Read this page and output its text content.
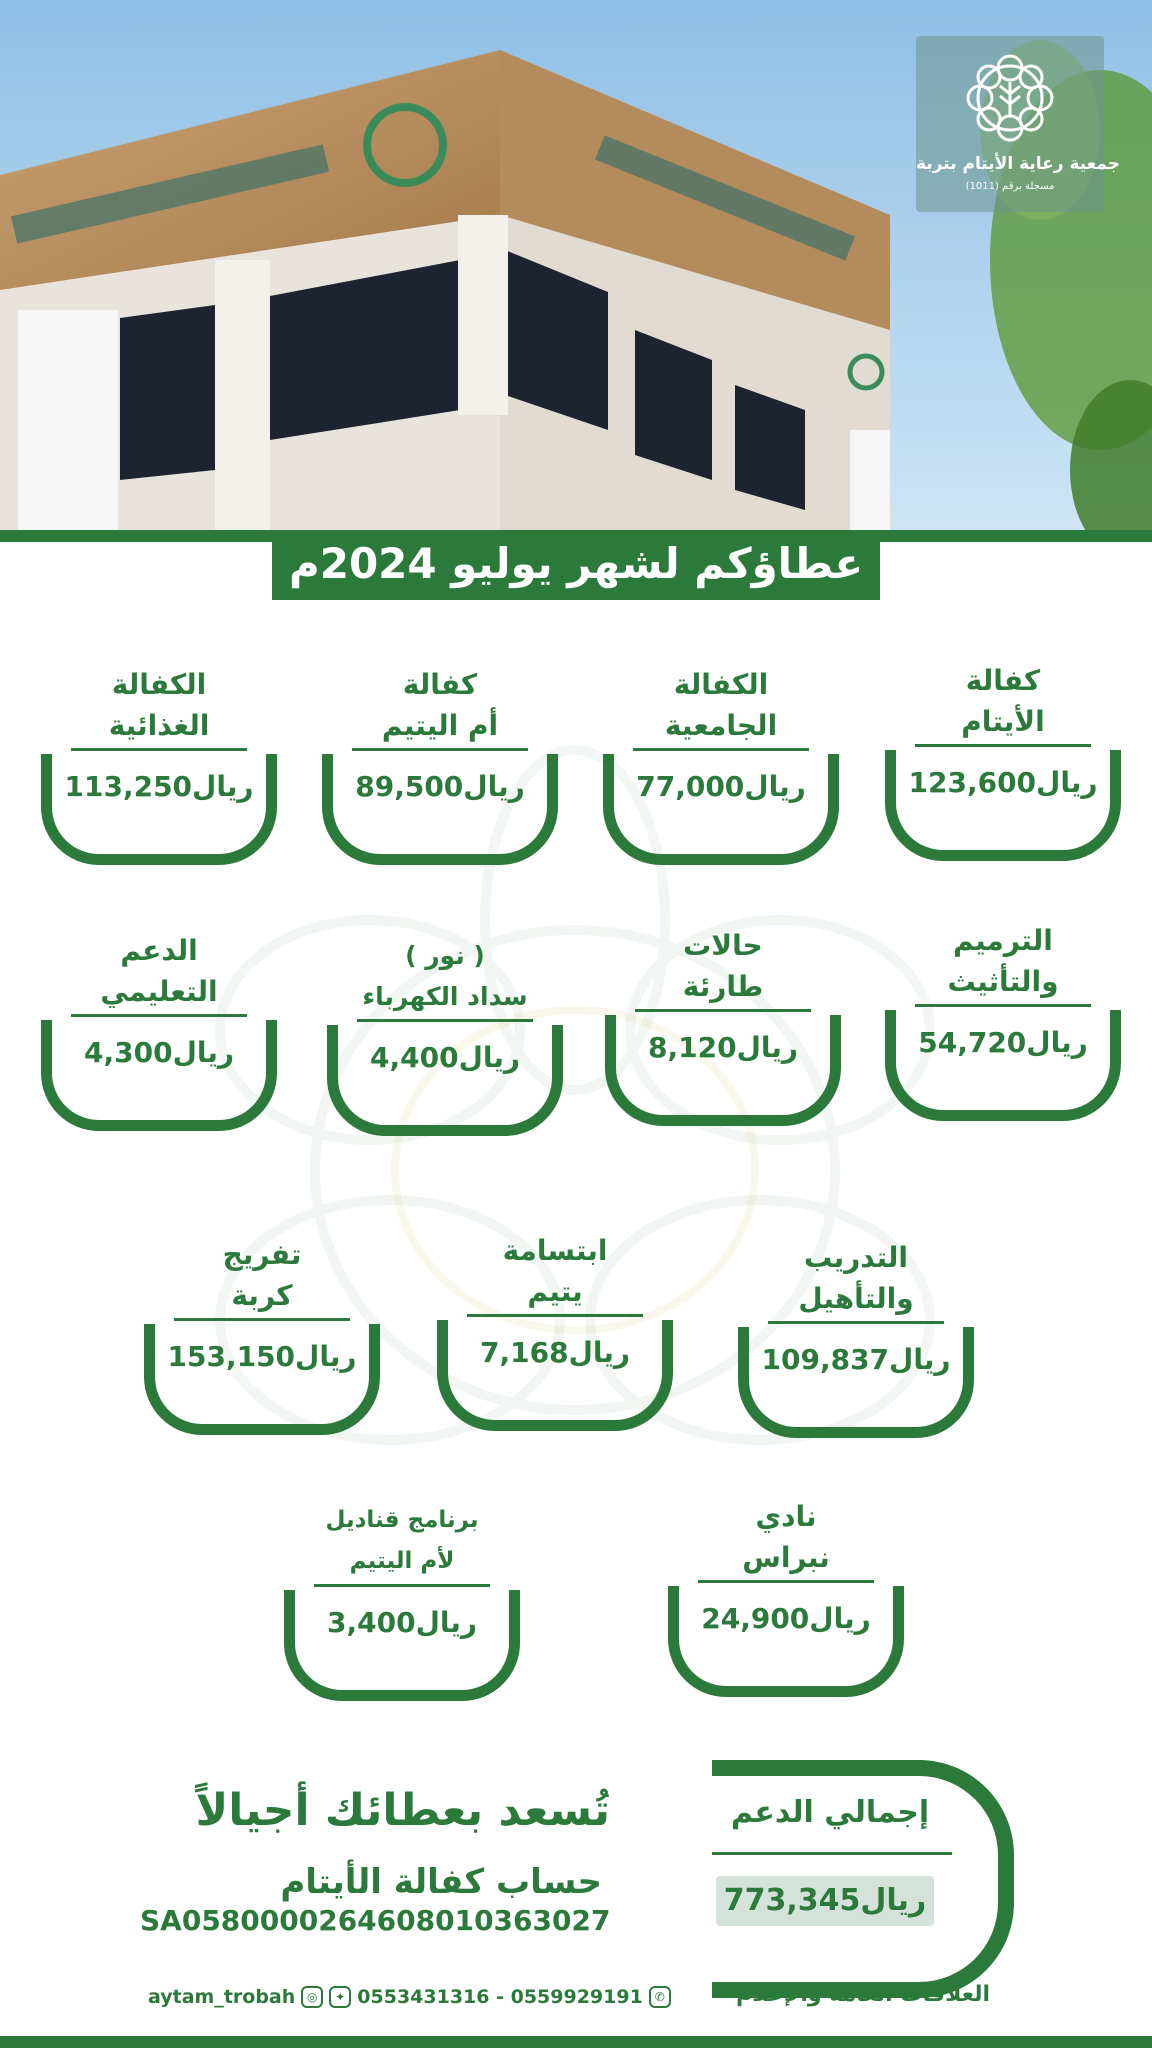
جمعية رعاية الأيتام بتربة
مسجلة برقم (1011)
عطاؤكم لشهر يوليو 2024م
كفالة
الأيتام
123,600ريال
الكفالة
الجامعية
77,000ريال
كفالة
أم اليتيم
89,500ريال
الكفالة
الغذائية
113,250ريال
الترميم
والتأثيث
54,720ريال
حالات
طارئة
8,120ريال
( نور )
سداد الكهرباء
4,400ريال
الدعم
التعليمي
4,300ريال
التدريب
والتأهيل
109,837ريال
ابتسامة
يتيم
7,168ريال
تفريج
كربة
153,150ريال
نادي
نبراس
24,900ريال
برنامج قناديل
لأم اليتيم
3,400ريال
إجمالي الدعم
773,345ريال
تُسعد بعطائك أجيالاً
حساب كفالة الأيتام
SA0580000264608010363027
العلاقات العامة والإعلام
aytam_trobah ◎	✦ 0553431316 - 0559929191 ✆
